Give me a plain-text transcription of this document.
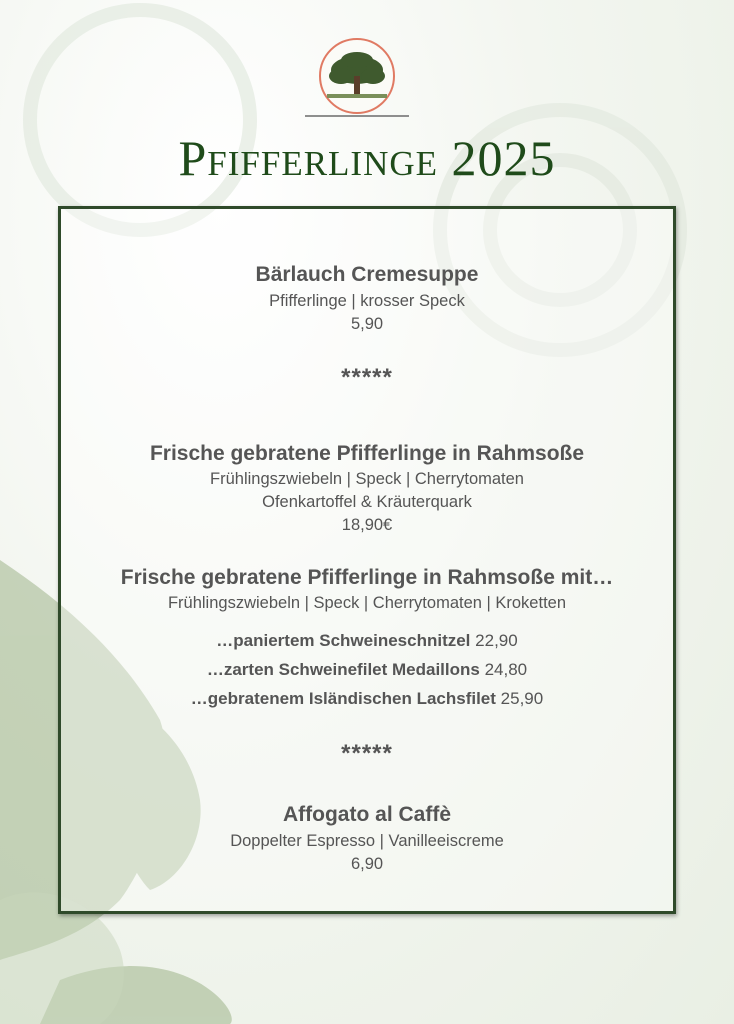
Pfifferlinge 2025
Bärlauch Cremesuppe
Pfifferlinge | krosser Speck
5,90
*****
Frische gebratene Pfifferlinge in Rahmsoße
Frühlingszwiebeln | Speck | Cherrytomaten
Ofenkartoffel & Kräuterquark
18,90€
Frische gebratene Pfifferlinge in Rahmsoße mit…
Frühlingszwiebeln | Speck | Cherrytomaten | Kroketten
…paniertem Schweineschnitzel 22,90
…zarten Schweinefilet Medaillons 24,80
…gebratenem Isländischen Lachsfilet 25,90
*****
Affogato al Caffè
Doppelter Espresso | Vanilleeiscreme
6,90
